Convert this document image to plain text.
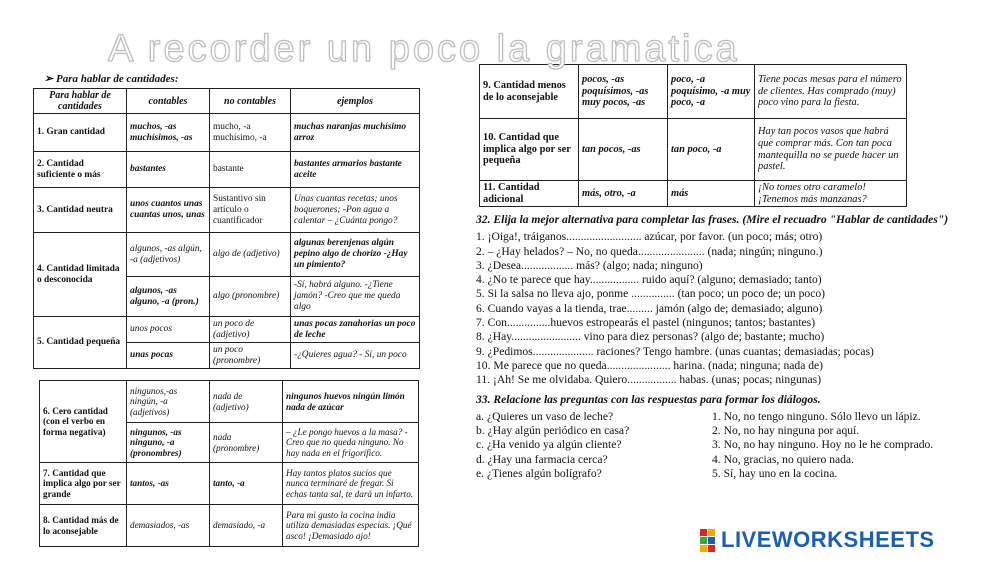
A recorder un poco la gramatica
➢ Para hablar de cantidades:
Para hablar de cantidades	contables	no contables	ejemplos
1. Gran cantidad	muchos, -as muchísimos, -as	mucho, -a muchísimo, -a	muchas naranjas muchísimo arroz
2. Cantidad suficiente o más	bastantes	bastante	bastantes armarios bastante aceite
3. Cantidad neutra	unos cuantos unas cuantas unos, unas	Sustantivo sin artículo o cuantificador	Unas cuantas recetas; unos boquerones; -Pon agua a calentar – ¿Cuánta pongo?
4. Cantidad limitada o desconocida	algunos, -as algún, -a (adjetivos)	algo de (adjetivo)	algunas berenjenas algún pepino algo de chorizo -¿Hay un pimiento?
	algunos, -as alguno, -a (pron.)	algo (pronombre)	-Sí, habrá alguno. -¿Tiene jamón? -Creo que me queda algo
5. Cantidad pequeña	unos pocos	un poco de (adjetivo)	unas pocas zanahorias un poco de leche
	unas pocas	un poco (pronombre)	-¿Quieres agua? - Sí, un poco
6. Cero cantidad (con el verbo en forma negativa)	ningunos,-as ningún, -a (adjetivos)	nada de (adjetivo)	ningunos huevos ningún limón nada de azúcar
	ningunos, -as ninguno, -a (pronombres)	nada (pronombre)	– ¿Le pongo huevos a la masa? - Creo que no queda ninguno. No hay nada en el frigorífico.
7. Cantidad que implica algo por ser grande	tantos, -as	tanto, -a	Hay tantos platos sucios que nunca terminaré de fregar. Si echas tanta sal, te dará un infarto.
8. Cantidad más de lo aconsejable	demasiados, -as	demasiado, -a	Para mi gusto la cocina india utiliza demasiadas especias. ¡Qué asco! ¡Demasiado ajo!
9. Cantidad menos de lo aconsejable	pocos, -as poquísimos, -as muy pocos, -as	poco, -a poquísimo, -a muy poco, -a	Tiene pocas mesas para el número de clientes. Has comprado (muy) poco vino para la fiesta.
10. Cantidad que implica algo por ser pequeña	tan pocos, -as	tan poco, -a	Hay tan pocos vasos que habrá que comprar más. Con tan poca mantequilla no se puede hacer un pastel.
11. Cantidad adicional	más, otro, -a	más	¡No tomes otro caramelo! ¡Tenemos más manzanas?

32. Elija la mejor alternativa para completar las frases. (Mire el recuadro "Hablar de cantidades")

1. ¡Oiga!, tráiganos.......................... azúcar, por favor. (un poco; más; otro)

2. – ¿Hay helados? – No, no queda....................... (nada; ningún; ninguno.)

3. ¿Desea.................. más? (algo; nada; ninguno)

4. ¿No te parece que hay................. ruido aquí? (alguno; demasiado; tanto)

5. Si la salsa no lleva ajo, ponme ............... (tan poco; un poco de; un poco)

6. Cuando vayas a la tienda, trae......... jamón (algo de; demasiado; alguno)

7. Con...............huevos estropearás el pastel (ningunos; tantos; bastantes)

8. ¿Hay........................ vino para diez personas? (algo de; bastante; mucho)

9. ¿Pedimos..................... raciones? Tengo hambre. (unas cuantas; demasiadas; pocas)

10. Me parece que no queda...................... harina. (nada; ninguna; nada de)

11. ¡Ah! Se me olvidaba. Quiero................. habas. (unas; pocas; ningunas)

33. Relacione las preguntas con las respuestas para formar los diálogos.

a. ¿Quieres un vaso de leche?	1. No, no tengo ninguno. Sólo llevo un lápiz.
b. ¿Hay algún periódico en casa?	2. No, no hay ninguna por aquí.
c. ¿Ha venido ya algún cliente?	3. No, no hay ninguno. Hoy no le he comprado.
d. ¿Hay una farmacia cerca?	4. No, gracias, no quiero nada.
e. ¿Tienes algún bolígrafo?	5. Sí, hay uno en la cocina.
LIVEWORKSHEETS
